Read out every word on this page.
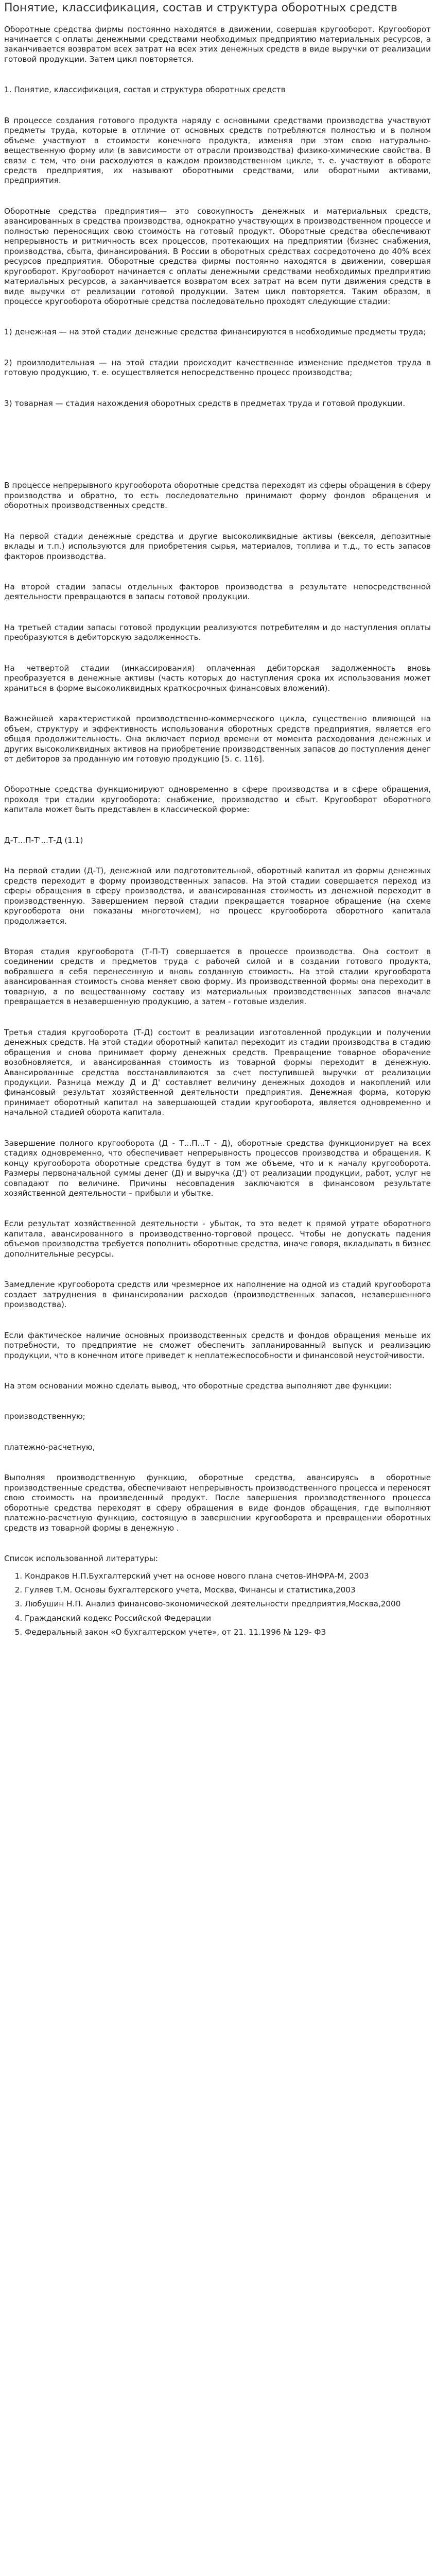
Понятие, классификация, состав и структура оборотных средств

Оборотные средства фирмы постоянно находятся в движении, совершая кругооборот. Кругооборот начинается с оплаты денежными средствами необходимых предприятию материальных ресурсов, а заканчивается возвратом всех затрат на всех этих денежных средств в виде выручки от реализации готовой продукции. Затем цикл повторяется.

1. Понятие, классификация, состав и структура оборотных средств

В процессе создания готового продукта наряду с основными средствами производства участвуют предметы труда, которые в отличие от основных средств потребляются полностью и в полном объеме участвуют в стоимости конечного продукта, изменяя при этом свою натурально-вещественную форму или (в зависимости от отрасли производства) физико-химические свойства. В связи с тем, что они расходуются в каждом производственном цикле, т. е. участвуют в обороте средств предприятия, их называют оборотными средствами, или оборотными активами, предприятия.

Оборотные средства предприятия— это совокупность денежных и материальных средств, авансированных в средства производства, однократно участвующих в производственном процессе и полностью переносящих свою стоимость на готовый продукт. Оборотные средства обеспечивают непрерывность и ритмичность всех процессов, протекающих на предприятии (бизнес снабжения, производства, сбыта, финансирования. В России в оборотных средствах сосредоточено до 40% всех ресурсов предприятия. Оборотные средства фирмы постоянно находятся в движении, совершая кругооборот. Кругооборот начинается с оплаты денежными средствами необходимых предприятию материальных ресурсов, а заканчивается возвратом всех затрат на всем пути движения средств в виде выручки от реализации готовой продукции. Затем цикл повторяется. Таким образом, в процессе кругооборота оборотные средства последовательно проходят следующие стадии:

1) денежная — на этой стадии денежные средства финансируются в необходимые предметы труда;

2) производительная — на этой стадии происходит качественное изменение предметов труда в готовую продукцию, т. е. осуществляется непосредственно процесс производства;

3) товарная — стадия нахождения оборотных средств в предметах труда и готовой продукции.

В процессе непрерывного кругооборота оборотные средства переходят из сферы обращения в сферу производства и обратно, то есть последовательно принимают форму фондов обращения и оборотных производственных средств.

На первой стадии денежные средства и другие высоколиквидные активы (векселя, депозитные вклады и т.п.) используются для приобретения сырья, материалов, топлива и т.д., то есть запасов факторов производства.

На второй стадии запасы отдельных факторов производства в результате непосредственной деятельности превращаются в запасы готовой продукции.

На третьей стадии запасы готовой продукции реализуются потребителям и до наступления оплаты преобразуются в дебиторскую задолженность.

На четвертой стадии (инкассирования) оплаченная дебиторская задолженность вновь преобразуется в денежные активы (часть которых до наступления срока их использования может храниться в форме высоколиквидных краткосрочных финансовых вложений).

Важнейшей характеристикой производственно-коммерческого цикла, существенно влияющей на объем, структуру и эффективность использования оборотных средств предприятия, является его общая продолжительность. Она включает период времени от момента расходования денежных и других высоколиквидных активов на приобретение производственных запасов до поступления денег от дебиторов за проданную им готовую продукцию [5. с. 116].

Оборотные средства функционируют одновременно в сфере производства и в сфере обращения, проходя три стадии кругооборота: снабжение, производство и сбыт. Кругооборот оборотного капитала может быть представлен в классической форме:

Д-Т...П-Т'...Т-Д (1.1)

На первой стадии (Д-Т), денежной или подготовительной, оборотный капитал из формы денежных средств переходит в форму производственных запасов. На этой стадии совершается переход из сферы обращения в сферу производства, и авансированная стоимость из денежной переходит в производственную. Завершением первой стадии прекращается товарное обращение (на схеме кругооборота они показаны многоточием), но процесс кругооборота оборотного капитала продолжается.

Вторая стадия кругооборота (Т-П-Т) совершается в процессе производства. Она состоит в соединении средств и предметов труда с рабочей силой и в создании готового продукта, вобравшего в себя перенесенную и вновь созданную стоимость. На этой стадии кругооборота авансированная стоимость снова меняет свою форму. Из производственной формы она переходит в товарную, а по веществанному составу из материальных производственных запасов вначале превращается в незавершенную продукцию, а затем - готовые изделия.

Третья стадия кругооборота (Т-Д) состоит в реализации изготовленной продукции и получении денежных средств. На этой стадии оборотный капитал переходит из стадии производства в стадию обращения и снова принимает форму денежных средств. Превращение товарное оборачение возобновляется, и авансированная стоимость из товарной формы переходит в денежную. Авансированные средства восстанавливаются за счет поступившей выручки от реализации продукции. Разница между Д и Д' составляет величину денежных доходов и накоплений или финансовый результат хозяйственной деятельности предприятия. Денежная форма, которую принимает оборотный капитал на завершающей стадии кругооборота, является одновременно и начальной стадией оборота капитала.

Завершение полного кругооборота (Д - Т...П...Т - Д), оборотные средства функционирует на всех стадиях одновременно, что обеспечивает непрерывность процессов производства и обращения. К концу кругооборота оборотные средства будут в том же объеме, что и к началу кругооборота. Размеры первоначальной суммы денег (Д) и выручка (Д') от реализации продукции, работ, услуг не совпадают по величине. Причины несовпадения заключаются в финансовом результате хозяйственной деятельности – прибыли и убытке.

Если результат хозяйственной деятельности - убыток, то это ведет к прямой утрате оборотного капитала, авансированного в производственно-торговой процесс. Чтобы не допускать падения объемов производства требуется пополнить оборотные средства, иначе говоря, вкладывать в бизнес дополнительные ресурсы.

Замедление кругооборота средств или чрезмерное их наполнение на одной из стадий кругооборота создает затруднения в финансировании расходов (производственных запасов, незавершенного производства).

Если фактическое наличие основных производственных средств и фондов обращения меньше их потребности, то предприятие не сможет обеспечить запланированный выпуск и реализацию продукции, что в конечном итоге приведет к неплатежеспособности и финансовой неустойчивости.

На этом основании можно сделать вывод, что оборотные средства выполняют две функции:

производственную;

платежно-расчетную,

Выполняя производственную функцию, оборотные средства, авансируясь в оборотные производственные средства, обеспечивают непрерывность производственного процесса и переносят свою стоимость на произведенный продукт. После завершения производственного процесса оборотные средства переходят в сферу обращения в виде фондов обращения, где выполняют платежно-расчетную функцию, состоящую в завершении кругооборота и превращении оборотных средств из товарной формы в денежную .

Список использованной литературы:

1. Кондраков Н.П.Бухгалтерский учет на основе нового плана счетов-ИНФРА-М, 2003
2. Гуляев Т.М. Основы бухгалтерского учета, Москва, Финансы и статистика,2003
3. Любушин Н.П. Анализ финансово-экономической деятельности предприятия,Москва,2000
4. Гражданский кодекс Российской Федерации
5. Федеральный закон «О бухгалтерском учете», от 21. 11.1996 № 129- ФЗ
